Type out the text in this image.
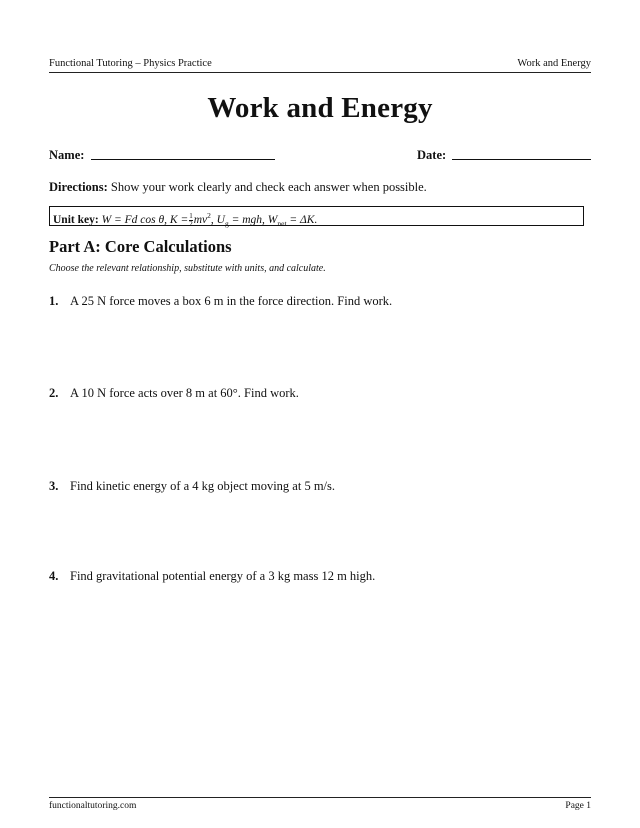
Functional Tutoring – Physics Practice	Work and Energy
Work and Energy
Name:	Date:
Directions: Show your work clearly and check each answer when possible.
Unit key: W = Fd cos θ, $K = \frac{1}{2} mv^2$, $U_g$ = mgh, $W_{net} = \Delta K$.
Part A: Core Calculations
Choose the relevant relationship, substitute with units, and calculate.
1. A 25 N force moves a box 6 m in the force direction. Find work.
2. A 10 N force acts over 8 m at 60°. Find work.
3. Find kinetic energy of a 4 kg object moving at 5 m/s.
4. Find gravitational potential energy of a 3 kg mass 12 m high.
functionaltutoring.com	Page 1
